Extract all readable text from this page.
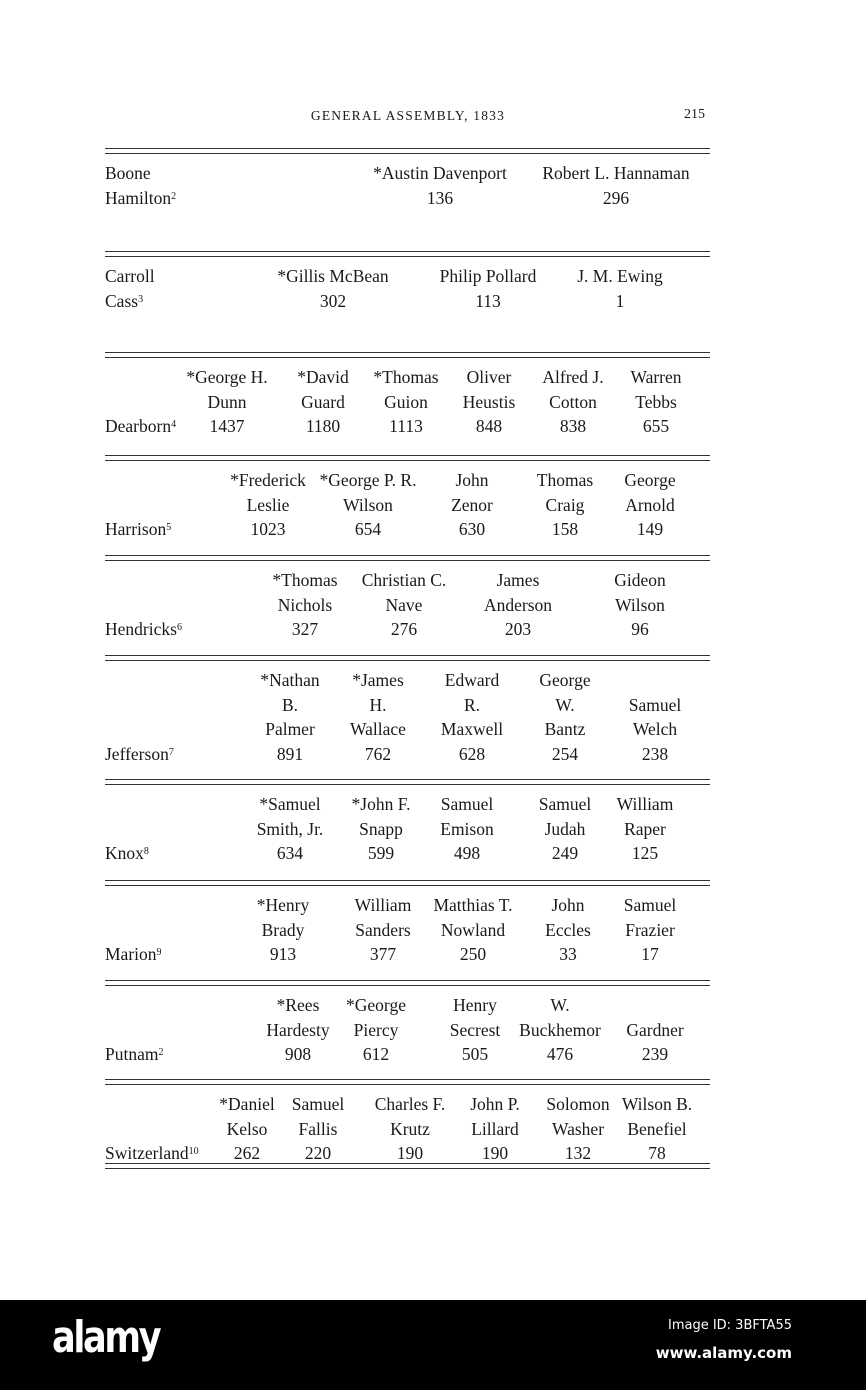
GENERAL ASSEMBLY, 1833	215
Boone
Hamilton$^2$
*Austin Davenport
136
Robert L. Hannaman
296
Carroll
Cass$^3$
*Gillis McBean
302
Philip Pollard
113
J. M. Ewing
1
Dearborn$^4$
*George H.
Dunn
1437
*David
Guard
1180
*Thomas
Guion
1113
Oliver
Heustis
848
Alfred J.
Cotton
838
Warren
Tebbs
655
Harrison$^5$
*Frederick
Leslie
1023
*George P. R.
Wilson
654
John
Zenor
630
Thomas
Craig
158
George
Arnold
149
Hendricks$^6$
*Thomas
Nichols
327
Christian C.
Nave
276
James
Anderson
203
Gideon
Wilson
96
Jefferson$^7$
*Nathan
B.
Palmer
891
*James
H.
Wallace
762
Edward
R.
Maxwell
628
George
W.
Bantz
254
Samuel
Welch
238
Knox$^8$
*Samuel
Smith, Jr.
634
*John F.
Snapp
599
Samuel
Emison
498
Samuel
Judah
249
William
Raper
125
Marion$^9$
*Henry
Brady
913
William
Sanders
377
Matthias T.
Nowland
250
John
Eccles
33
Samuel
Frazier
17
Putnam$^2$
*Rees
Hardesty
908
*George
Piercy
612
Henry
Secrest
505
W.
Buckhemor
476
Gardner
239
Switzerland$^{10}$
*Daniel
Kelso
262
Samuel
Fallis
220
Charles F.
Krutz
190
John P.
Lillard
190
Solomon
Washer
132
Wilson B.
Benefiel
78
alamy	Image ID: 3BFTA55
www.alamy.com
